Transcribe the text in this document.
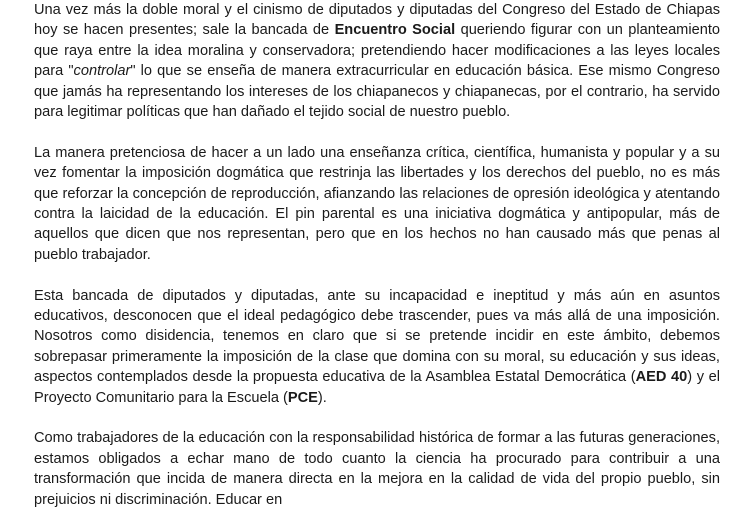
Una vez más la doble moral y el cinismo de diputados y diputadas del Congreso del Estado de Chiapas hoy se hacen presentes; sale la bancada de Encuentro Social queriendo figurar con un planteamiento que raya entre la idea moralina y conservadora; pretendiendo hacer modificaciones a las leyes locales para "controlar" lo que se enseña de manera extracurricular en educación básica. Ese mismo Congreso que jamás ha representando los intereses de los chiapanecos y chiapanecas, por el contrario, ha servido para legitimar políticas que han dañado el tejido social de nuestro pueblo.

La manera pretenciosa de hacer a un lado una enseñanza crítica, científica, humanista y popular y a su vez fomentar la imposición dogmática que restrinja las libertades y los derechos del pueblo, no es más que reforzar la concepción de reproducción, afianzando las relaciones de opresión ideológica y atentando contra la laicidad de la educación. El pin parental es una iniciativa dogmática y antipopular, más de aquellos que dicen que nos representan, pero que en los hechos no han causado más que penas al pueblo trabajador.

Esta bancada de diputados y diputadas, ante su incapacidad e ineptitud y más aún en asuntos educativos, desconocen que el ideal pedagógico debe trascender, pues va más allá de una imposición. Nosotros como disidencia, tenemos en claro que si se pretende incidir en este ámbito, debemos sobrepasar primeramente la imposición de la clase que domina con su moral, su educación y sus ideas, aspectos contemplados desde la propuesta educativa de la Asamblea Estatal Democrática (AED 40) y el Proyecto Comunitario para la Escuela (PCE).

Como trabajadores de la educación con la responsabilidad histórica de formar a las futuras generaciones, estamos obligados a echar mano de todo cuanto la ciencia ha procurado para contribuir a una transformación que incida de manera directa en la mejora en la calidad de vida del propio pueblo, sin prejuicios ni discriminación. Educar en
